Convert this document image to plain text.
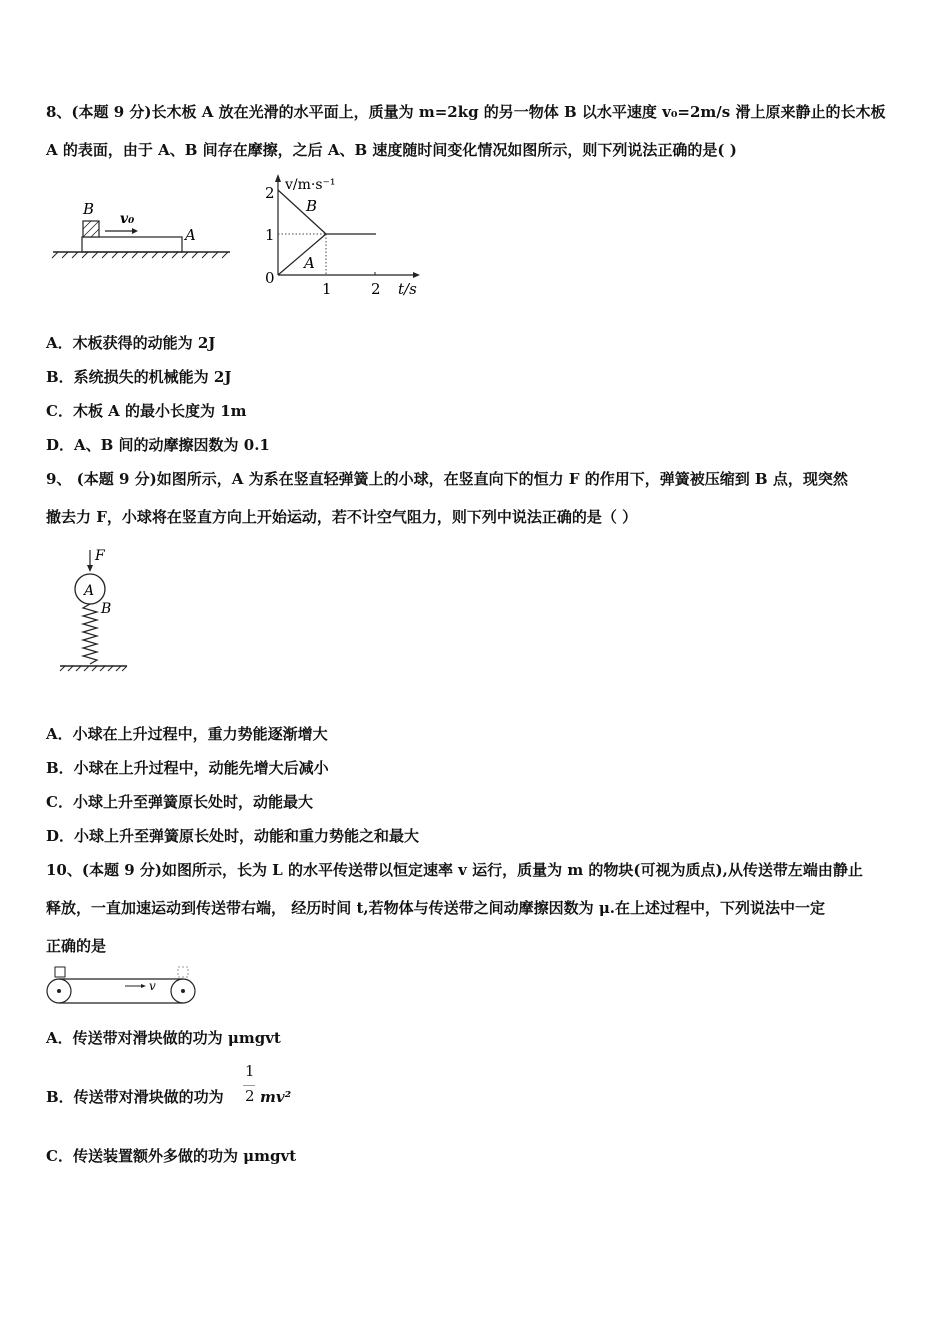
8、(本题 9 分)长木板 A 放在光滑的水平面上，质量为 m=2kg 的另一物体 B 以水平速度 v₀=2m/s 滑上原来静止的长木板
A 的表面，由于 A、B 间存在摩擦，之后 A、B 速度随时间变化情况如图所示，则下列说法正确的是( )
B
v₀
A
v/m·s⁻¹
2
1
0
1	2 t/s
B
A
A．木板获得的动能为 2J
B．系统损失的机械能为 2J
C．木板 A 的最小长度为 1m
D．A、B 间的动摩擦因数为 0.1
9、 (本题 9 分)如图所示，A 为系在竖直轻弹簧上的小球，在竖直向下的恒力 F 的作用下，弹簧被压缩到 B 点，现突然
撤去力 F，小球将在竖直方向上开始运动，若不计空气阻力，则下列中说法正确的是（ ）
F
A
B
A．小球在上升过程中，重力势能逐渐增大
B．小球在上升过程中，动能先增大后减小
C．小球上升至弹簧原长处时，动能最大
D．小球上升至弹簧原长处时，动能和重力势能之和最大
10、(本题 9 分)如图所示，长为 L 的水平传送带以恒定速率 v 运行，质量为 m 的物块(可视为质点),从传送带左端由静止
释放，一直加速运动到传送带右端， 经历时间 t,若物体与传送带之间动摩擦因数为 μ.在上述过程中，下列说法中一定
正确的是
v
A．传送带对滑块做的功为 μmgvt
B．传送带对滑块做的功为
1
2 mv²
C．传送装置额外多做的功为 μmgvt
